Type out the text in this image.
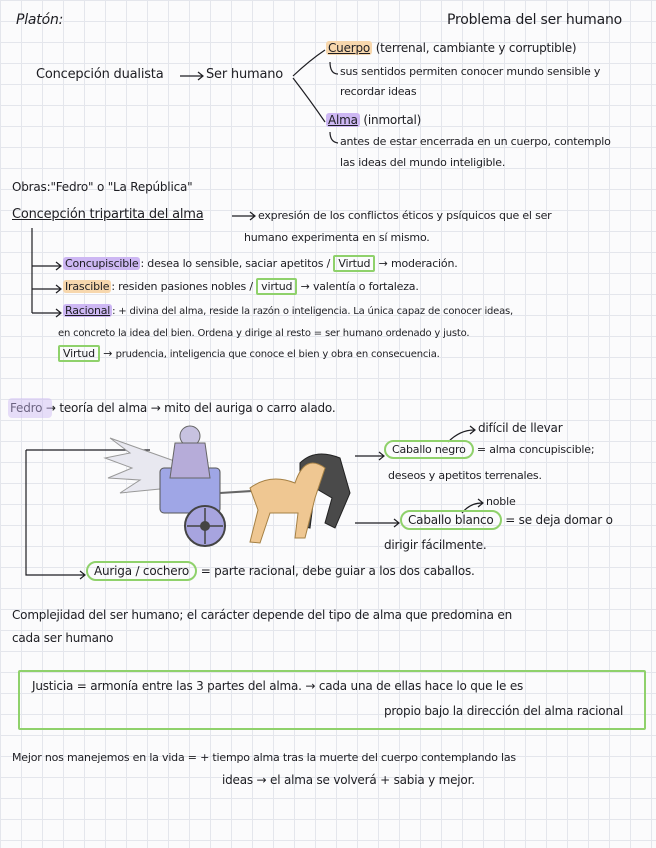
Platón:	Problema del ser humano
Concepción dualista	Ser humano
Cuerpo (terrenal, cambiante y corruptible)
sus sentidos permiten conocer mundo sensible y
recordar ideas
Alma (inmortal)
antes de estar encerrada en un cuerpo, contemplo
las ideas del mundo inteligible.
Obras:"Fedro" o "La República"
Concepción tripartita del alma	expresión de los conflictos éticos y psíquicos que el ser
humano experimenta en sí mismo.
Concupiscible : desea lo sensible, saciar apetitos / Virtud → moderación.
Irascible : residen pasiones nobles / virtud → valentía o fortaleza.
Racional : + divina del alma, reside la razón o inteligencia. La única capaz de conocer ideas,
en concreto la idea del bien. Ordena y dirige al resto = ser humano ordenado y justo.
Virtud → prudencia, inteligencia que conoce el bien y obra en consecuencia.
Fedro → teoría del alma → mito del auriga o carro alado.
difícil de llevar
Caballo negro = alma concupiscible;
deseos y apetitos terrenales.
noble
Caballo blanco = se deja domar o
dirigir fácilmente.
Auriga / cochero = parte racional, debe guiar a los dos caballos.
Complejidad del ser humano; el carácter depende del tipo de alma que predomina en
cada ser humano
Justicia = armonía entre las 3 partes del alma. → cada una de ellas hace lo que le es
propio bajo la dirección del alma racional
Mejor nos manejemos en la vida = + tiempo alma tras la muerte del cuerpo contemplando las
ideas → el alma se volverá + sabia y mejor.
